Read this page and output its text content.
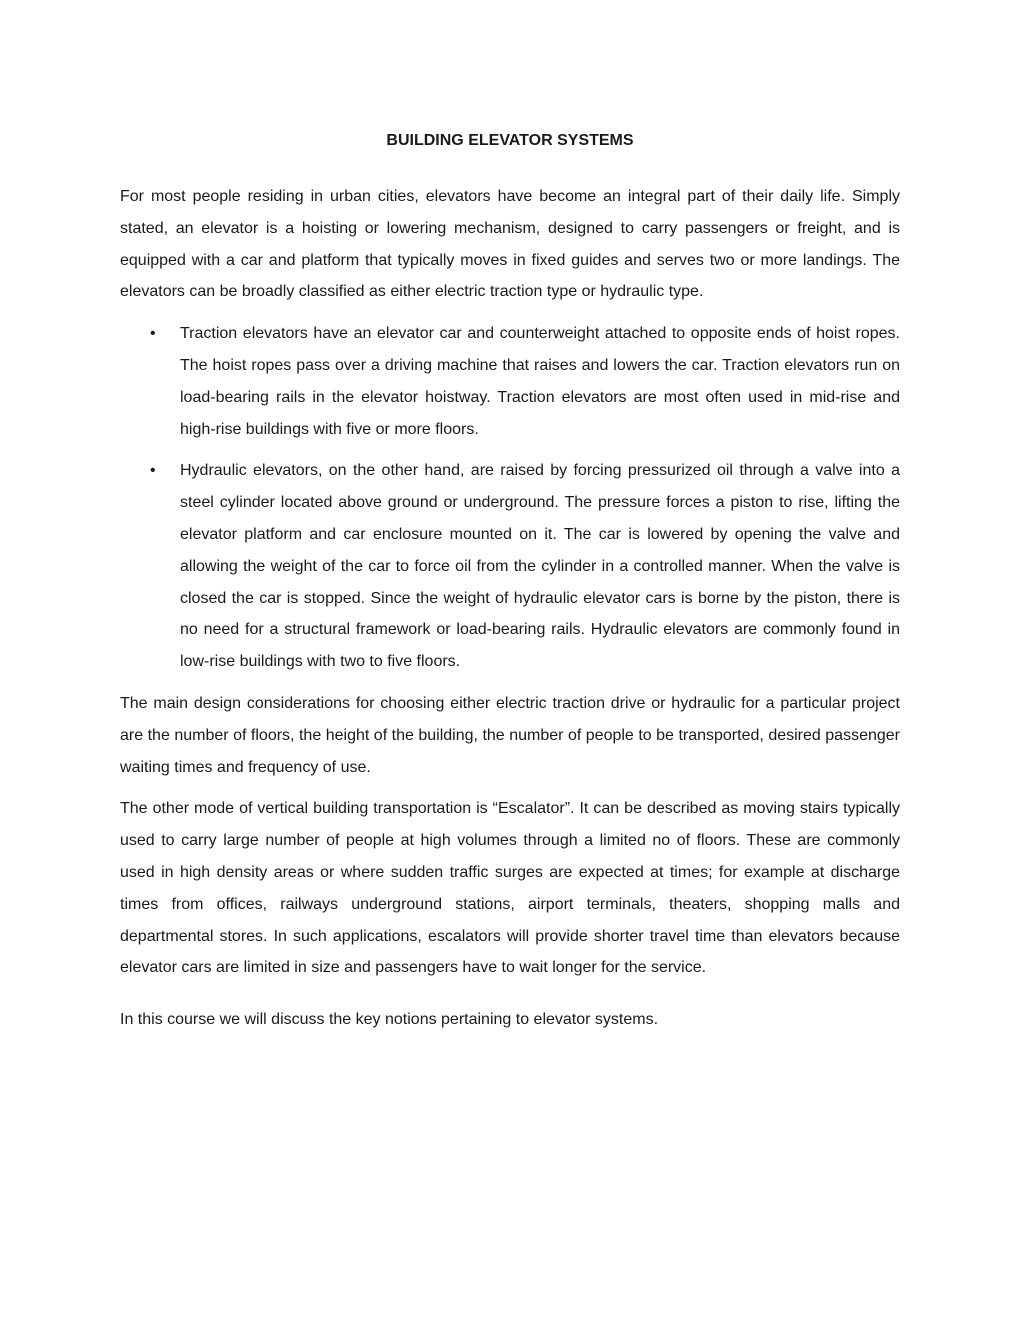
BUILDING ELEVATOR SYSTEMS

For most people residing in urban cities, elevators have become an integral part of their daily life. Simply stated, an elevator is a hoisting or lowering mechanism, designed to carry passengers or freight, and is equipped with a car and platform that typically moves in fixed guides and serves two or more landings. The elevators can be broadly classified as either electric traction type or hydraulic type.

• Traction elevators have an elevator car and counterweight attached to opposite ends of hoist ropes. The hoist ropes pass over a driving machine that raises and lowers the car. Traction elevators run on load-bearing rails in the elevator hoistway. Traction elevators are most often used in mid-rise and high-rise buildings with five or more floors.
• Hydraulic elevators, on the other hand, are raised by forcing pressurized oil through a valve into a steel cylinder located above ground or underground. The pressure forces a piston to rise, lifting the elevator platform and car enclosure mounted on it. The car is lowered by opening the valve and allowing the weight of the car to force oil from the cylinder in a controlled manner. When the valve is closed the car is stopped. Since the weight of hydraulic elevator cars is borne by the piston, there is no need for a structural framework or load-bearing rails. Hydraulic elevators are commonly found in low-rise buildings with two to five floors.

The main design considerations for choosing either electric traction drive or hydraulic for a particular project are the number of floors, the height of the building, the number of people to be transported, desired passenger waiting times and frequency of use.

The other mode of vertical building transportation is “Escalator”. It can be described as moving stairs typically used to carry large number of people at high volumes through a limited no of floors. These are commonly used in high density areas or where sudden traffic surges are expected at times; for example at discharge times from offices, railways underground stations, airport terminals, theaters, shopping malls and departmental stores. In such applications, escalators will provide shorter travel time than elevators because elevator cars are limited in size and passengers have to wait longer for the service.

In this course we will discuss the key notions pertaining to elevator systems.
